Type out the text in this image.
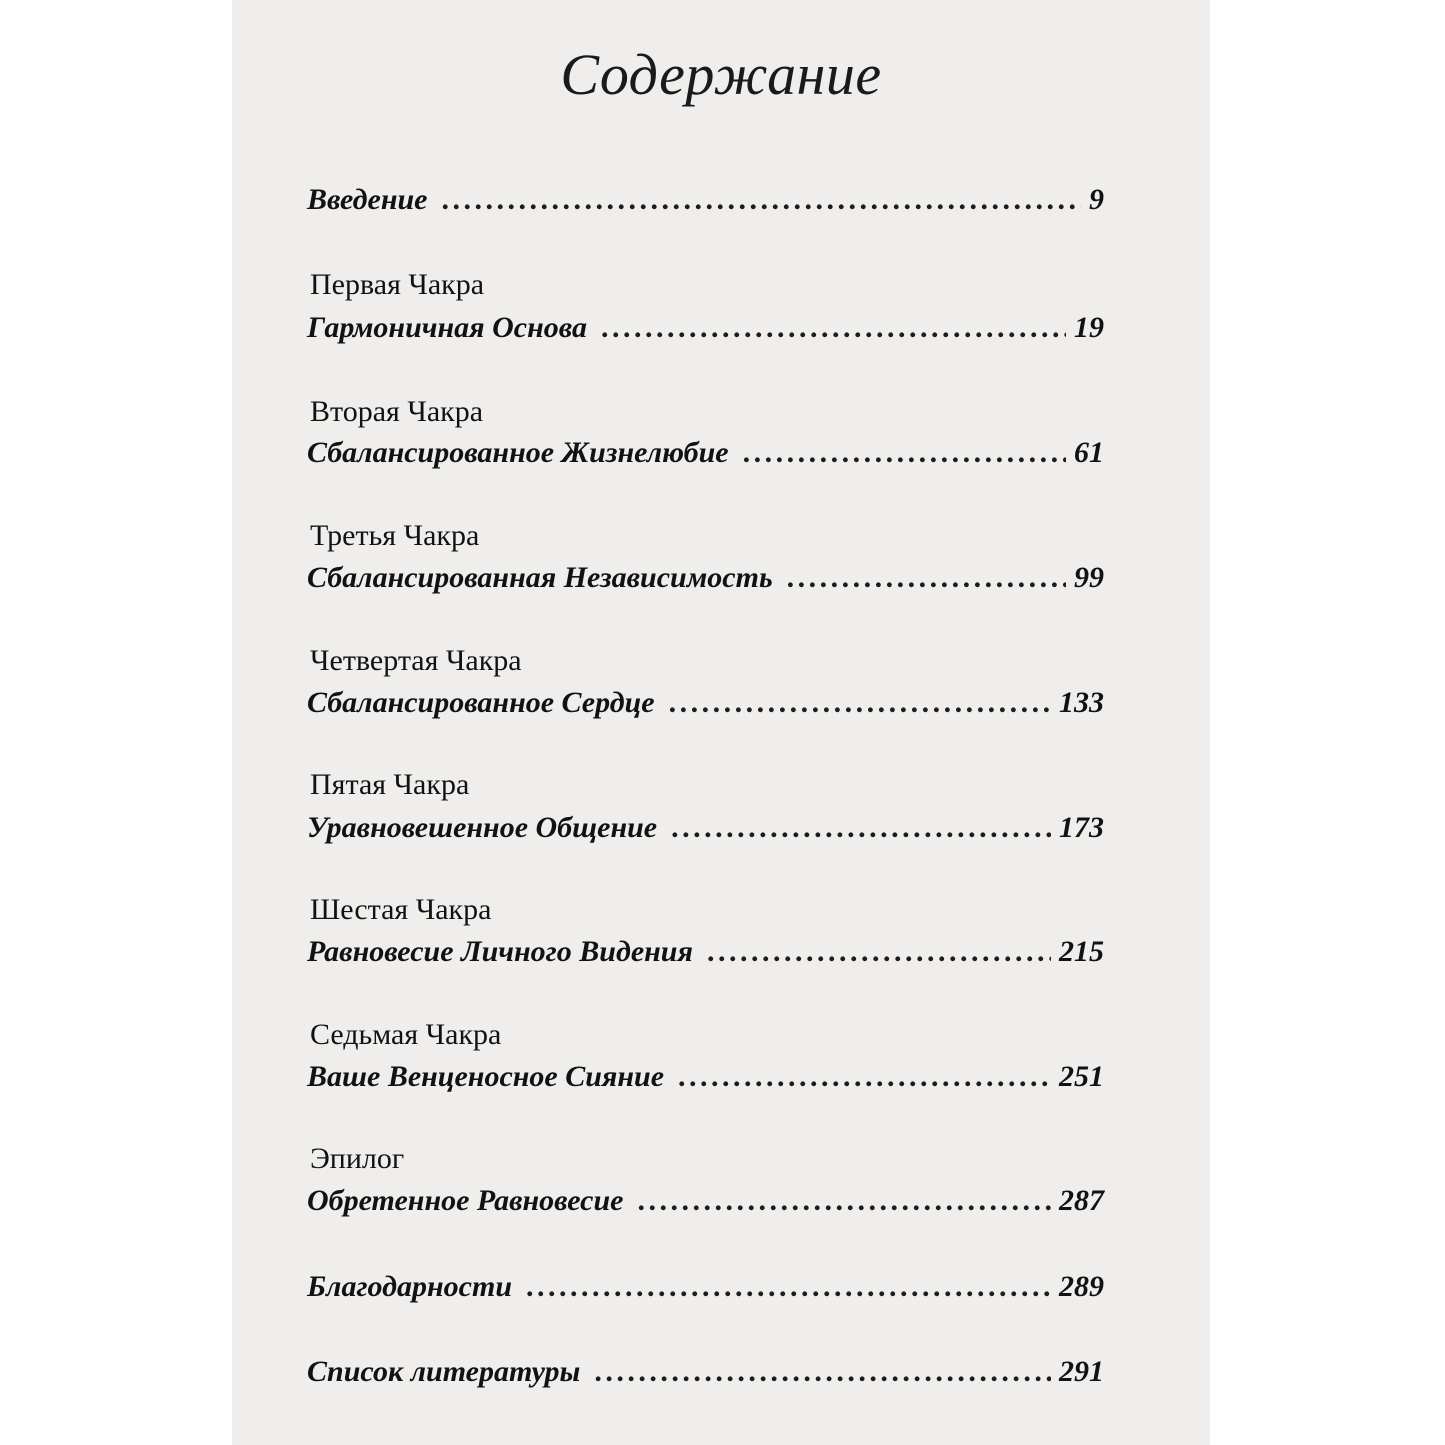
Содержание
Введение . . .	9
Первая Чакра
Гармоничная Основа . . .	19
Вторая Чакра
Сбалансированное Жизнелюбие . . .	61
Третья Чакра
Сбалансированная Независимость . . .	99
Четвертая Чакра
Сбалансированное Сердце . . .	133
Пятая Чакра
Уравновешенное Общение . . .	173
Шестая Чакра
Равновесие Личного Видения . . .	215
Седьмая Чакра
Ваше Венценосное Сияние . . .	251
Эпилог
Обретенное Равновесие . . .	287
Благодарности . . .	289
Список литературы . . .	291
